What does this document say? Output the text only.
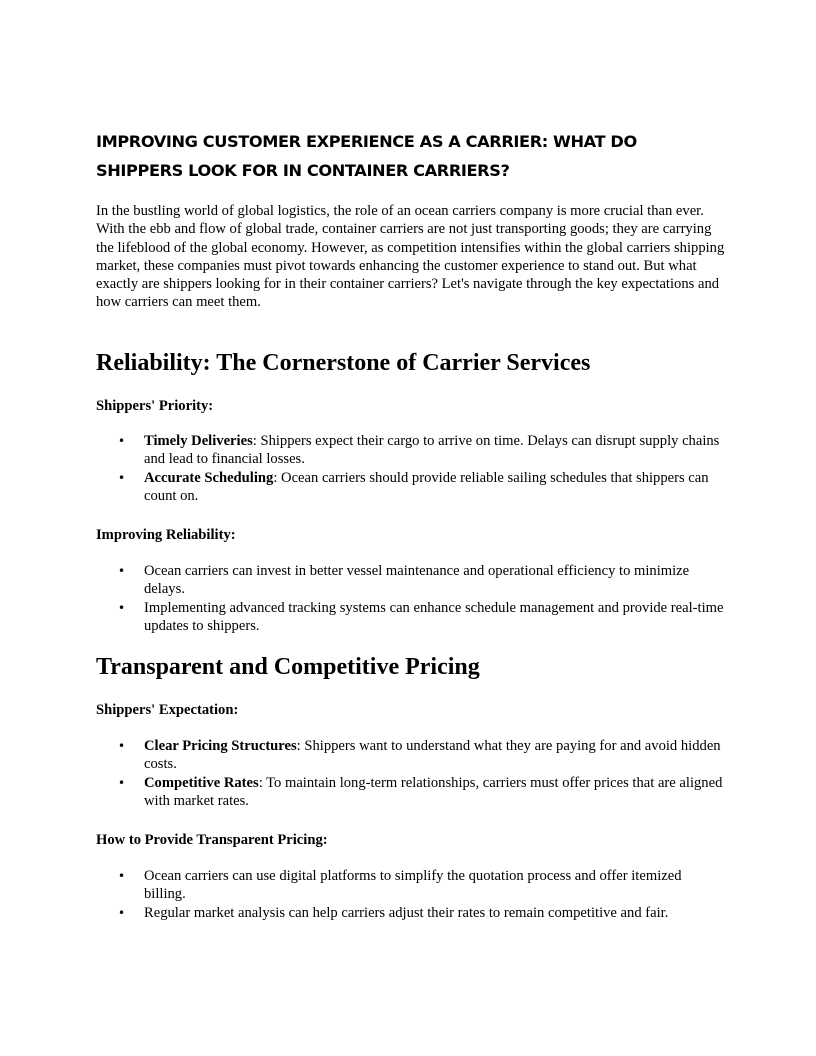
IMPROVING CUSTOMER EXPERIENCE AS A CARRIER: WHAT DO SHIPPERS LOOK FOR IN CONTAINER CARRIERS?

In the bustling world of global logistics, the role of an ocean carriers company is more crucial than ever. With the ebb and flow of global trade, container carriers are not just transporting goods; they are carrying the lifeblood of the global economy. However, as competition intensifies within the global carriers shipping market, these companies must pivot towards enhancing the customer experience to stand out. But what exactly are shippers looking for in their container carriers? Let's navigate through the key expectations and how carriers can meet them.

Reliability: The Cornerstone of Carrier Services

Shippers' Priority:

• Timely Deliveries: Shippers expect their cargo to arrive on time. Delays can disrupt supply chains and lead to financial losses.
• Accurate Scheduling: Ocean carriers should provide reliable sailing schedules that shippers can count on.

Improving Reliability:

• Ocean carriers can invest in better vessel maintenance and operational efficiency to minimize delays.
• Implementing advanced tracking systems can enhance schedule management and provide real-time updates to shippers.
Transparent and Competitive Pricing

Shippers' Expectation:

• Clear Pricing Structures: Shippers want to understand what they are paying for and avoid hidden costs.
• Competitive Rates: To maintain long-term relationships, carriers must offer prices that are aligned with market rates.

How to Provide Transparent Pricing:

• Ocean carriers can use digital platforms to simplify the quotation process and offer itemized billing.
• Regular market analysis can help carriers adjust their rates to remain competitive and fair.
